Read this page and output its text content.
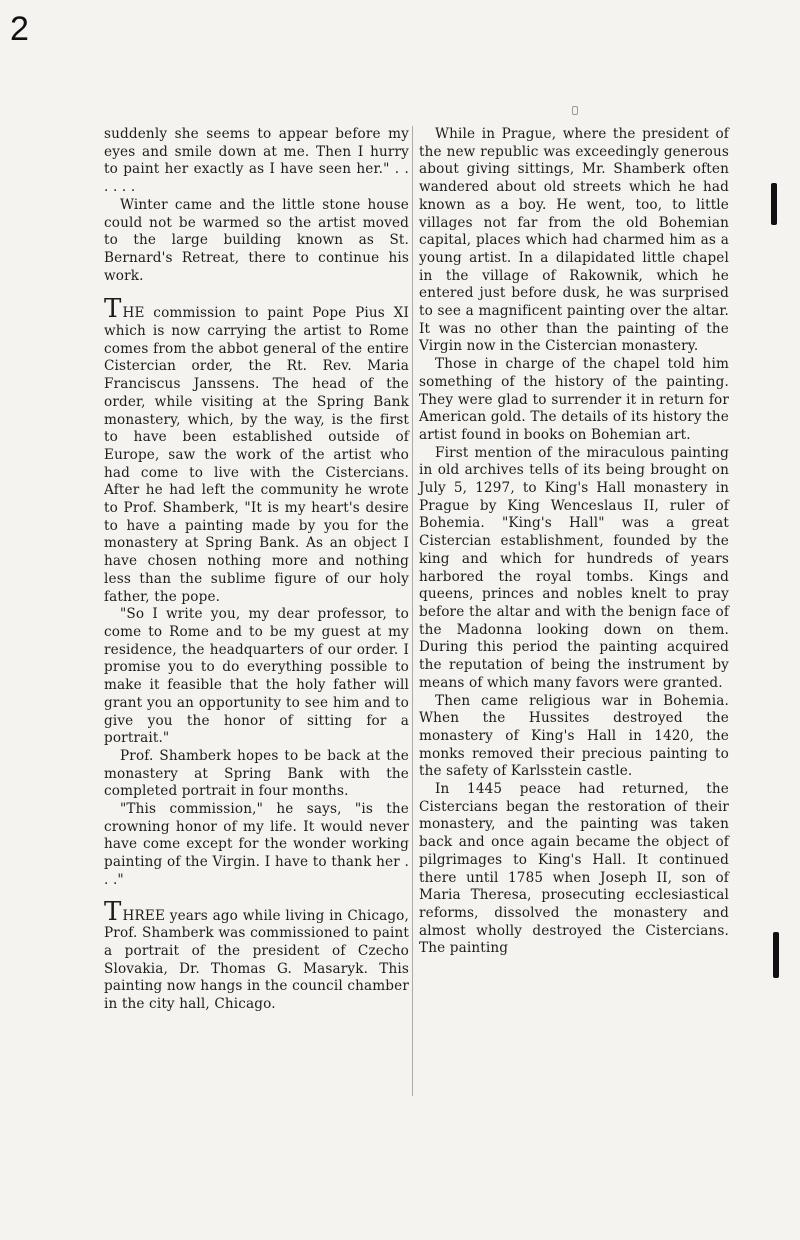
2

suddenly she seems to appear before my eyes and smile down at me. Then I hurry to paint her exactly as I have seen her." . . . . . .

Winter came and the little stone house could not be warmed so the artist moved to the large building known as St. Bernard's Retreat, there to continue his work.

THE commission to paint Pope Pius XI which is now carrying the artist to Rome comes from the abbot general of the entire Cistercian order, the Rt. Rev. Maria Franciscus Janssens. The head of the order, while visiting at the Spring Bank monastery, which, by the way, is the first to have been established outside of Europe, saw the work of the artist who had come to live with the Cistercians. After he had left the community he wrote to Prof. Shamberk, "It is my heart's desire to have a painting made by you for the monastery at Spring Bank. As an object I have chosen nothing more and nothing less than the sublime figure of our holy father, the pope.

"So I write you, my dear professor, to come to Rome and to be my guest at my residence, the headquarters of our order. I promise you to do everything possible to make it feasible that the holy father will grant you an opportunity to see him and to give you the honor of sitting for a portrait."

Prof. Shamberk hopes to be back at the monastery at Spring Bank with the completed portrait in four months.

"This commission," he says, "is the crowning honor of my life. It would never have come except for the wonder working painting of the Virgin. I have to thank her . . ."

THREE years ago while living in Chicago, Prof. Shamberk was commissioned to paint a portrait of the president of Czecho Slovakia, Dr. Thomas G. Masaryk. This painting now hangs in the council chamber in the city hall, Chicago.

While in Prague, where the president of the new republic was exceedingly generous about giving sittings, Mr. Shamberk often wandered about old streets which he had known as a boy. He went, too, to little villages not far from the old Bohemian capital, places which had charmed him as a young artist. In a dilapidated little chapel in the village of Rakownik, which he entered just before dusk, he was surprised to see a magnificent painting over the altar. It was no other than the painting of the Virgin now in the Cistercian monastery.

Those in charge of the chapel told him something of the history of the painting. They were glad to surrender it in return for American gold. The details of its history the artist found in books on Bohemian art.

First mention of the miraculous painting in old archives tells of its being brought on July 5, 1297, to King's Hall monastery in Prague by King Wenceslaus II, ruler of Bohemia. "King's Hall" was a great Cistercian establishment, founded by the king and which for hundreds of years harbored the royal tombs. Kings and queens, princes and nobles knelt to pray before the altar and with the benign face of the Madonna looking down on them. During this period the painting acquired the reputation of being the instrument by means of which many favors were granted.

Then came religious war in Bohemia. When the Hussites destroyed the monastery of King's Hall in 1420, the monks removed their precious painting to the safety of Karlsstein castle.

In 1445 peace had returned, the Cistercians began the restoration of their monastery, and the painting was taken back and once again became the object of pilgrimages to King's Hall. It continued there until 1785 when Joseph II, son of Maria Theresa, prosecuting ecclesiastical reforms, dissolved the monastery and almost wholly destroyed the Cistercians. The painting
